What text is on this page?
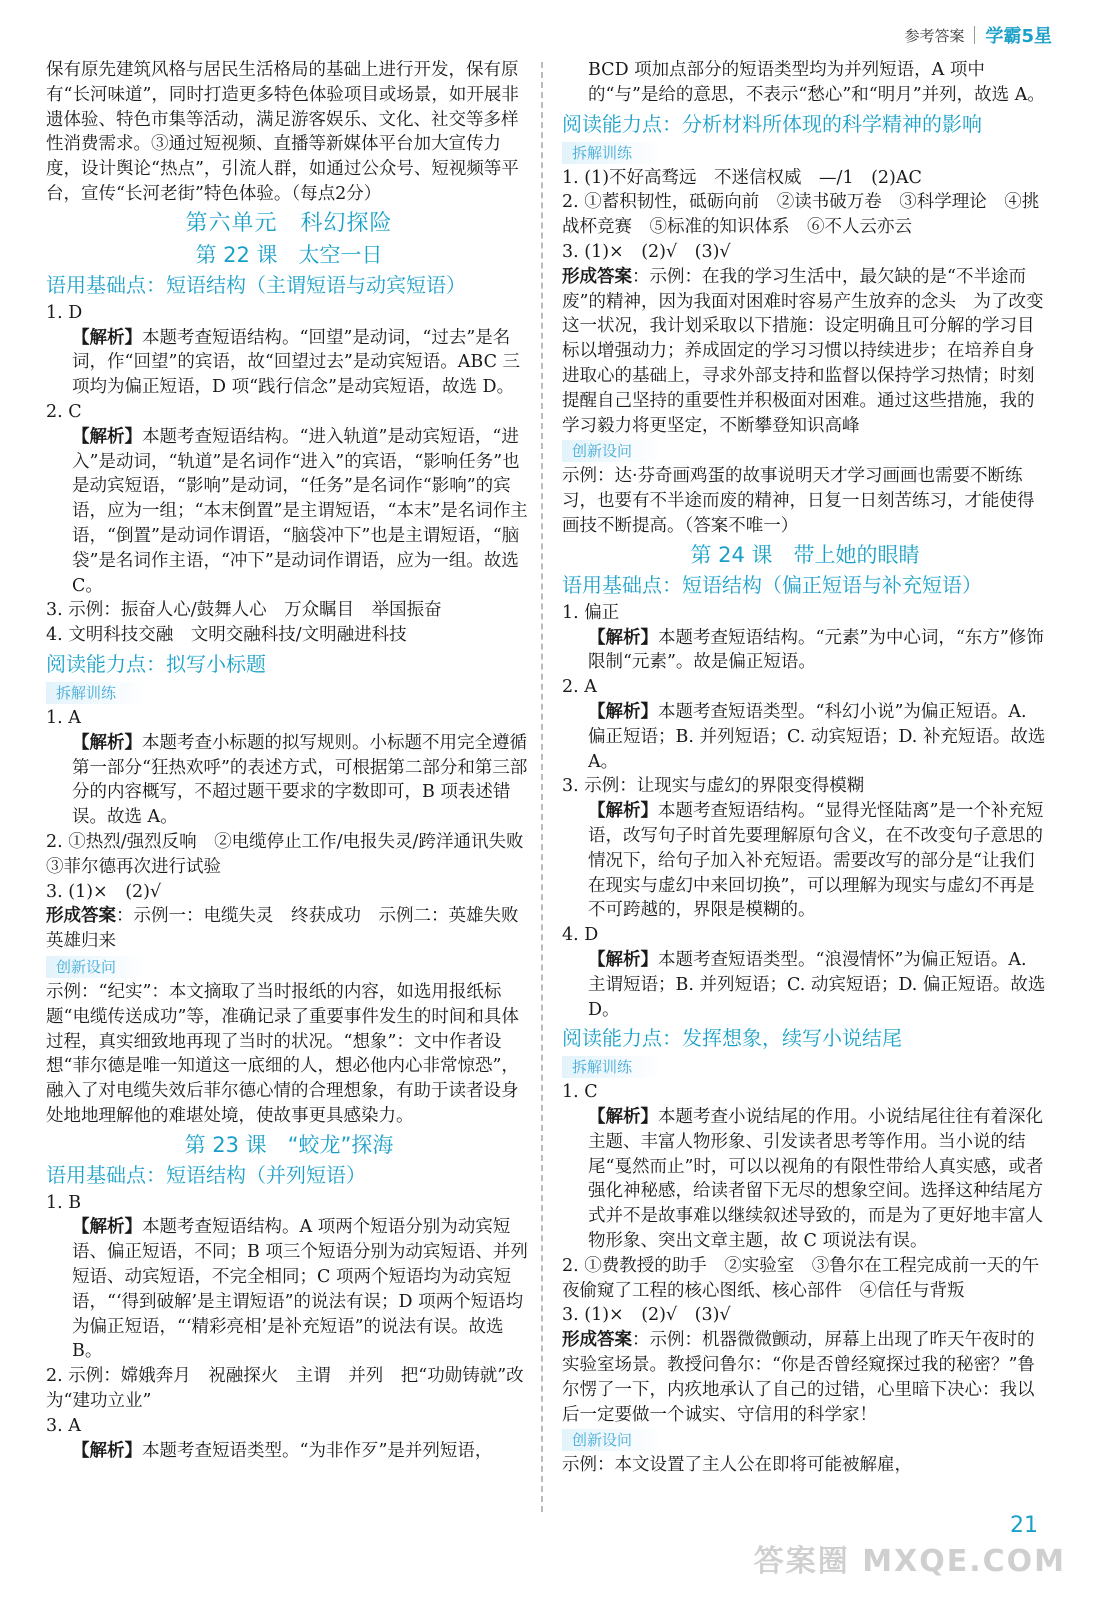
参考答案 学霸5星

保有原先建筑风格与居民生活格局的基础上进行开发，保有原有“长河味道”，同时打造更多特色体验项目或场景，如开展非遗体验、特色市集等活动，满足游客娱乐、文化、社交等多样性消费需求。③通过短视频、直播等新媒体平台加大宣传力度，设计舆论“热点”，引流人群，如通过公众号、短视频等平台，宣传“长河老街”特色体验。（每点2分）

第六单元　科幻探险
第 22 课　太空一日
语用基础点：短语结构（主谓短语与动宾短语）

1. D

【解析】本题考查短语结构。“回望”是动词，“过去”是名词，作“回望”的宾语，故“回望过去”是动宾短语。ABC 三项均为偏正短语，D 项“践行信念”是动宾短语，故选 D。

2. C

【解析】本题考查短语结构。“进入轨道”是动宾短语，“进入”是动词，“轨道”是名词作“进入”的宾语，“影响任务”也是动宾短语，“影响”是动词，“任务”是名词作“影响”的宾语，应为一组；“本末倒置”是主谓短语，“本末”是名词作主语，“倒置”是动词作谓语，“脑袋冲下”也是主谓短语，“脑袋”是名词作主语，“冲下”是动词作谓语，应为一组。故选 C。

3. 示例：振奋人心/鼓舞人心　万众瞩目　举国振奋

4. 文明科技交融　文明交融科技/文明融进科技

阅读能力点：拟写小标题
拆解训练

1. A

【解析】本题考查小标题的拟写规则。小标题不用完全遵循第一部分“狂热欢呼”的表述方式，可根据第二部分和第三部分的内容概写，不超过题干要求的字数即可，B 项表述错误。故选 A。

2. ①热烈/强烈反响　②电缆停止工作/电报失灵/跨洋通讯失败　③菲尔德再次进行试验

3. (1)×　(2)√

形成答案：示例一：电缆失灵　终获成功　示例二：英雄失败　英雄归来

创新设问

示例：“纪实”：本文摘取了当时报纸的内容，如选用报纸标题“电缆传送成功”等，准确记录了重要事件发生的时间和具体过程，真实细致地再现了当时的状况。“想象”：文中作者设想“菲尔德是唯一知道这一底细的人，想必他内心非常惊恐”，融入了对电缆失效后菲尔德心情的合理想象，有助于读者设身处地地理解他的难堪处境，使故事更具感染力。

第 23 课　“蛟龙”探海
语用基础点：短语结构（并列短语）

1. B

【解析】本题考查短语结构。A 项两个短语分别为动宾短语、偏正短语，不同；B 项三个短语分别为动宾短语、并列短语、动宾短语，不完全相同；C 项两个短语均为动宾短语，“‘得到破解’是主谓短语”的说法有误；D 项两个短语均为偏正短语，“‘精彩亮相’是补充短语”的说法有误。故选 B。

2. 示例：嫦娥奔月　祝融探火　主谓　并列　把“功勋铸就”改为“建功立业”

3. A

【解析】本题考查短语类型。“为非作歹”是并列短语，

BCD 项加点部分的短语类型均为并列短语，A 项中的“与”是给的意思，不表示“愁心”和“明月”并列，故选 A。

阅读能力点：分析材料所体现的科学精神的影响
拆解训练

1. (1)不好高骛远　不迷信权威　—/1　(2)AC

2. ①蓄积韧性，砥砺向前　②读书破万卷　③科学理论　④挑战杯竞赛　⑤标准的知识体系　⑥不人云亦云

3. (1)×　(2)√　(3)√

形成答案：示例：在我的学习生活中，最欠缺的是“不半途而废”的精神，因为我面对困难时容易产生放弃的念头　为了改变这一状况，我计划采取以下措施：设定明确且可分解的学习目标以增强动力；养成固定的学习习惯以持续进步；在培养自身进取心的基础上，寻求外部支持和监督以保持学习热情；时刻提醒自己坚持的重要性并积极面对困难。通过这些措施，我的学习毅力将更坚定，不断攀登知识高峰

创新设问

示例：达·芬奇画鸡蛋的故事说明天才学习画画也需要不断练习，也要有不半途而废的精神，日复一日刻苦练习，才能使得画技不断提高。（答案不唯一）

第 24 课　带上她的眼睛
语用基础点：短语结构（偏正短语与补充短语）

1. 偏正

【解析】本题考查短语结构。“元素”为中心词，“东方”修饰限制“元素”。故是偏正短语。

2. A

【解析】本题考查短语类型。“科幻小说”为偏正短语。A. 偏正短语；B. 并列短语；C. 动宾短语；D. 补充短语。故选 A。

3. 示例：让现实与虚幻的界限变得模糊

【解析】本题考查短语结构。“显得光怪陆离”是一个补充短语，改写句子时首先要理解原句含义，在不改变句子意思的情况下，给句子加入补充短语。需要改写的部分是“让我们在现实与虚幻中来回切换”，可以理解为现实与虚幻不再是不可跨越的，界限是模糊的。

4. D

【解析】本题考查短语类型。“浪漫情怀”为偏正短语。A. 主谓短语；B. 并列短语；C. 动宾短语；D. 偏正短语。故选 D。

阅读能力点：发挥想象，续写小说结尾
拆解训练

1. C

【解析】本题考查小说结尾的作用。小说结尾往往有着深化主题、丰富人物形象、引发读者思考等作用。当小说的结尾“戛然而止”时，可以以视角的有限性带给人真实感，或者强化神秘感，给读者留下无尽的想象空间。选择这种结尾方式并不是故事难以继续叙述导致的，而是为了更好地丰富人物形象、突出文章主题，故 C 项说法有误。

2. ①费教授的助手　②实验室　③鲁尔在工程完成前一天的午夜偷窥了工程的核心图纸、核心部件　④信任与背叛

3. (1)×　(2)√　(3)√

形成答案：示例：机器微微颤动，屏幕上出现了昨天午夜时的实验室场景。教授问鲁尔：“你是否曾经窥探过我的秘密？”鲁尔愣了一下，内疚地承认了自己的过错，心里暗下决心：我以后一定要做一个诚实、守信用的科学家！

创新设问

示例：本文设置了主人公在即将可能被解雇，

21
答案圈 MXQE.COM
